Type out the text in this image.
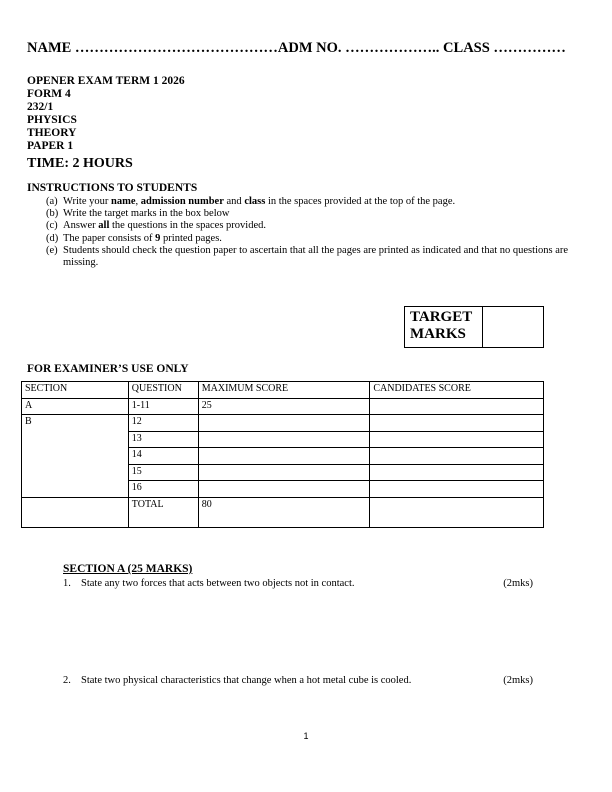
NAME ……………………………………ADM NO. ……………….. CLASS ……………
OPENER EXAM TERM 1 2026
FORM 4
232/1
PHYSICS
THEORY
PAPER 1
TIME: 2 HOURS
INSTRUCTIONS TO STUDENTS
(a) Write your name, admission number and class in the spaces provided at the top of the page.
(b) Write the target marks in the box below
(c) Answer all the questions in the spaces provided.
(d) The paper consists of 9 printed pages.
(e) Students should check the question paper to ascertain that all the pages are printed as indicated and that no questions are missing.
TARGET
MARKS
FOR EXAMINER’S USE ONLY
SECTION	QUESTION	MAXIMUM SCORE	CANDIDATES SCORE
A	1-11	25	
B	12		
	13		
	14		
	15		
	16		
	TOTAL	80	
SECTION A (25 MARKS)
1. State any two forces that acts between two objects not in contact.	(2mks)
2. State two physical characteristics that change when a hot metal cube is cooled.	(2mks)
1
